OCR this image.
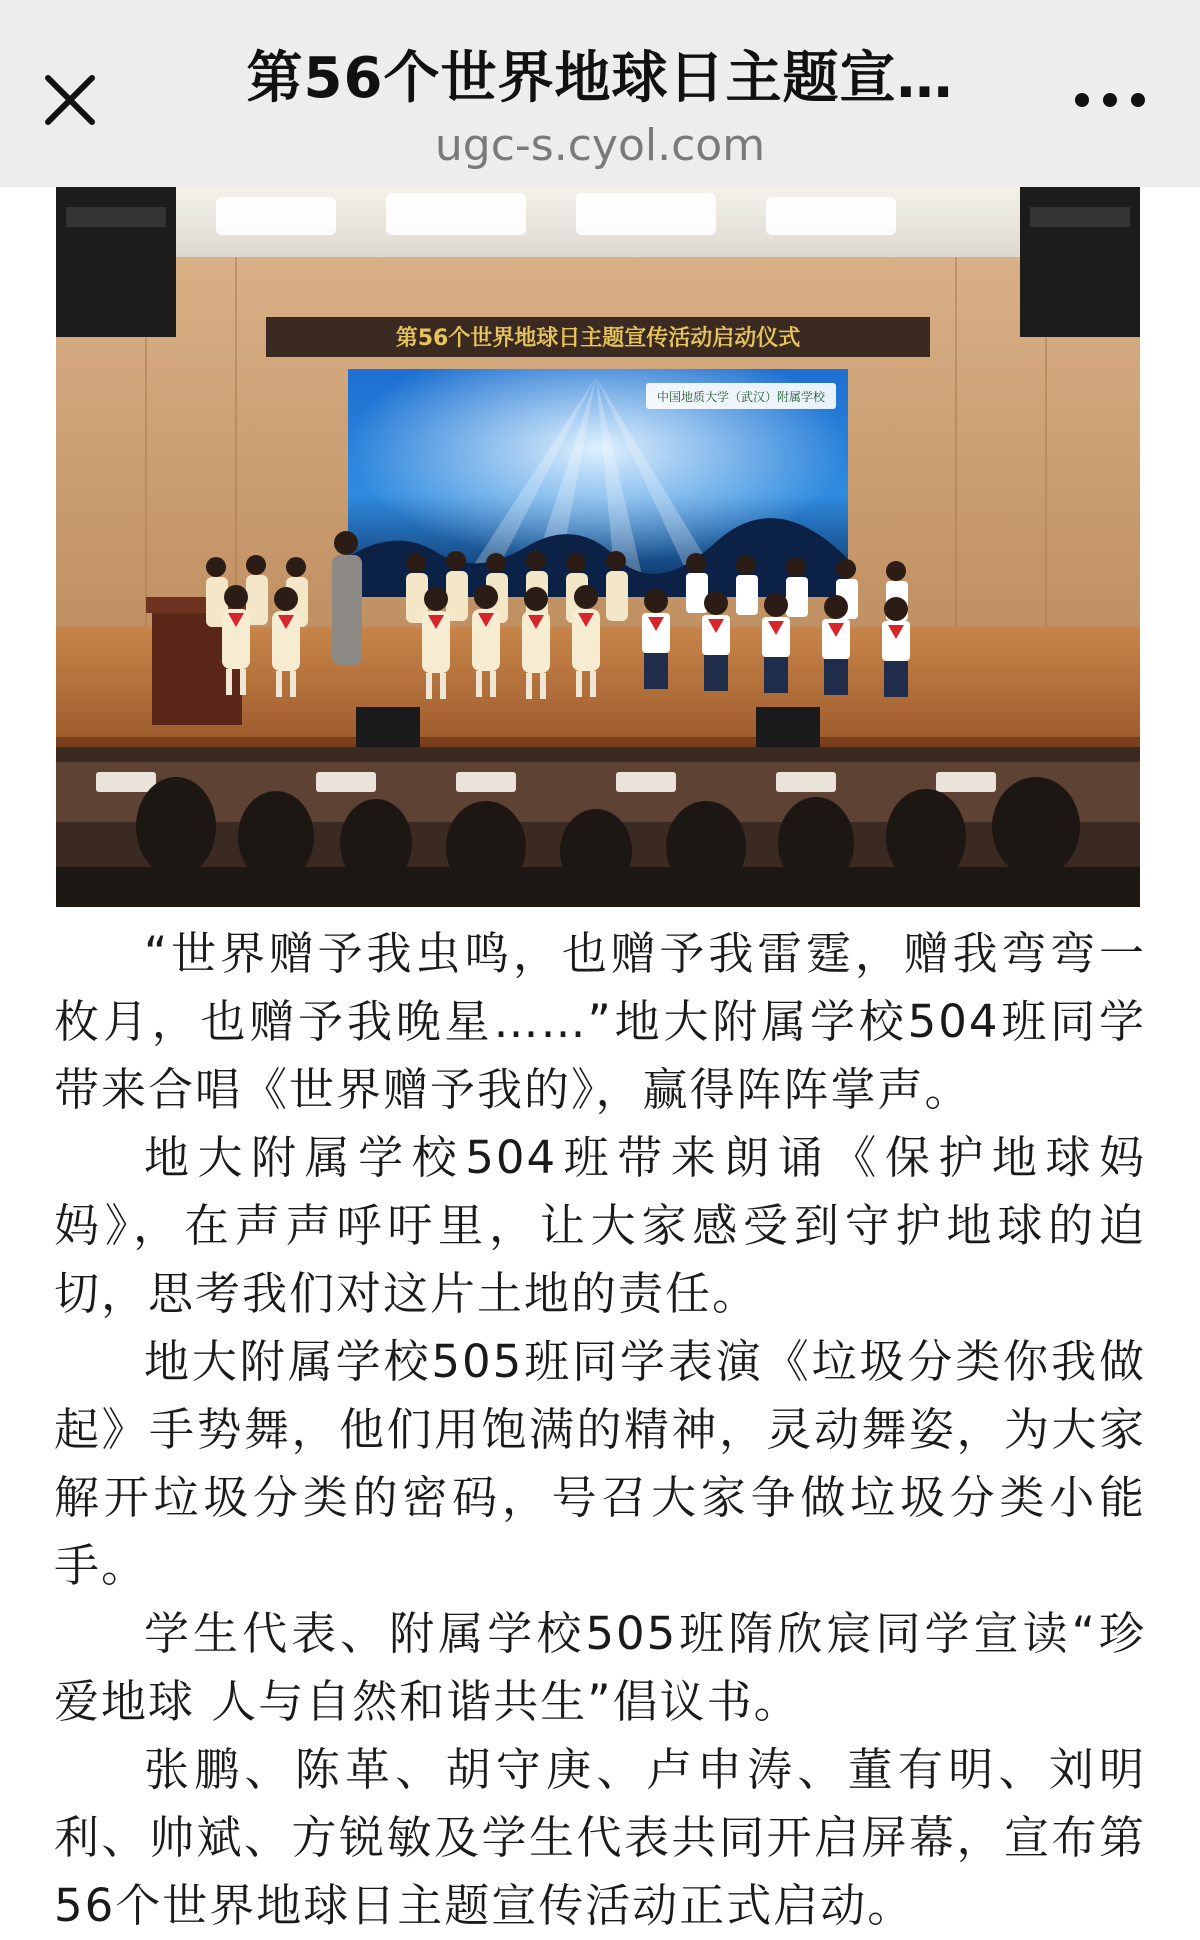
第56个世界地球日主题宣…
ugc-s.cyol.com
第56个世界地球日主题宣传活动启动仪式
中国地质大学（武汉）附属学校

“世界赠予我虫鸣，也赠予我雷霆，赠我弯弯一枚月，也赠予我晚星……”地大附属学校504班同学带来合唱《世界赠予我的》，赢得阵阵掌声。

地大附属学校504班带来朗诵《保护地球妈妈》，在声声呼吁里，让大家感受到守护地球的迫切，思考我们对这片土地的责任。

地大附属学校505班同学表演《垃圾分类你我做起》手势舞，他们用饱满的精神，灵动舞姿，为大家解开垃圾分类的密码，号召大家争做垃圾分类小能手。

学生代表、附属学校505班隋欣宸同学宣读“珍爱地球 人与自然和谐共生”倡议书。

张鹏、陈革、胡守庚、卢申涛、董有明、刘明利、帅斌、方锐敏及学生代表共同开启屏幕，宣布第56个世界地球日主题宣传活动正式启动。
